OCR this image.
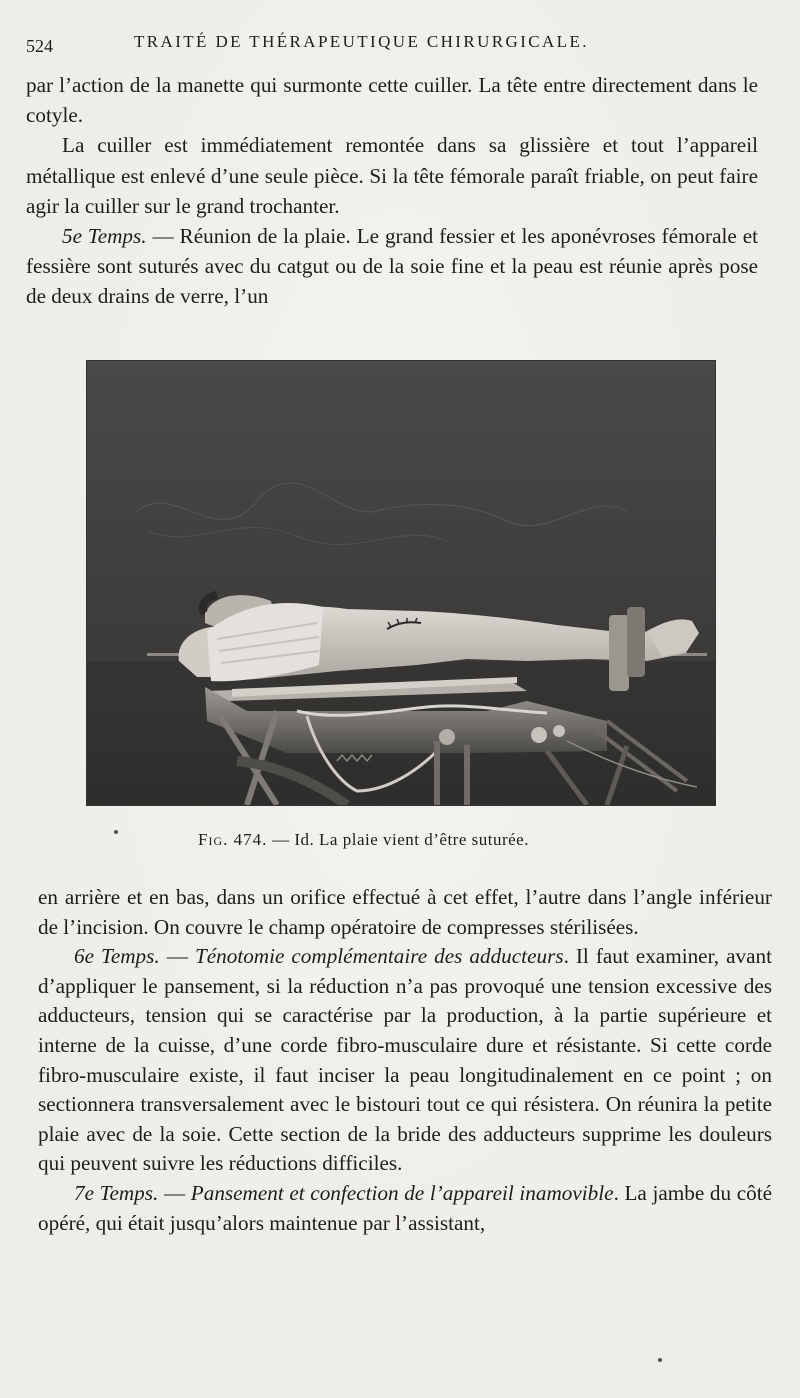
524	TRAITÉ DE THÉRAPEUTIQUE CHIRURGICALE.

par l’action de la manette qui surmonte cette cuiller. La tête entre directement dans le cotyle.

La cuiller est immédiatement remontée dans sa glissière et tout l’appareil métallique est enlevé d’une seule pièce. Si la tête fémorale paraît friable, on peut faire agir la cuiller sur le grand trochanter.

5e Temps. — Réunion de la plaie. Le grand fessier et les aponévroses fémorale et fessière sont suturés avec du catgut ou de la soie fine et la peau est réunie après pose de deux drains de verre, l’un

Fig. 474. — Id. La plaie vient d’être suturée.

en arrière et en bas, dans un orifice effectué à cet effet, l’autre dans l’angle inférieur de l’incision. On couvre le champ opératoire de compresses stérilisées.

6e Temps. — Ténotomie complémentaire des adducteurs. Il faut examiner, avant d’appliquer le pansement, si la réduction n’a pas provoqué une tension excessive des adducteurs, tension qui se caractérise par la production, à la partie supérieure et interne de la cuisse, d’une corde fibro-musculaire dure et résistante. Si cette corde fibro-musculaire existe, il faut inciser la peau longitudinalement en ce point ; on sectionnera transversalement avec le bistouri tout ce qui résistera. On réunira la petite plaie avec de la soie. Cette section de la bride des adducteurs supprime les douleurs qui peuvent suivre les réductions difficiles.

7e Temps. — Pansement et confection de l’appareil inamovible. La jambe du côté opéré, qui était jusqu’alors maintenue par l’assistant,
